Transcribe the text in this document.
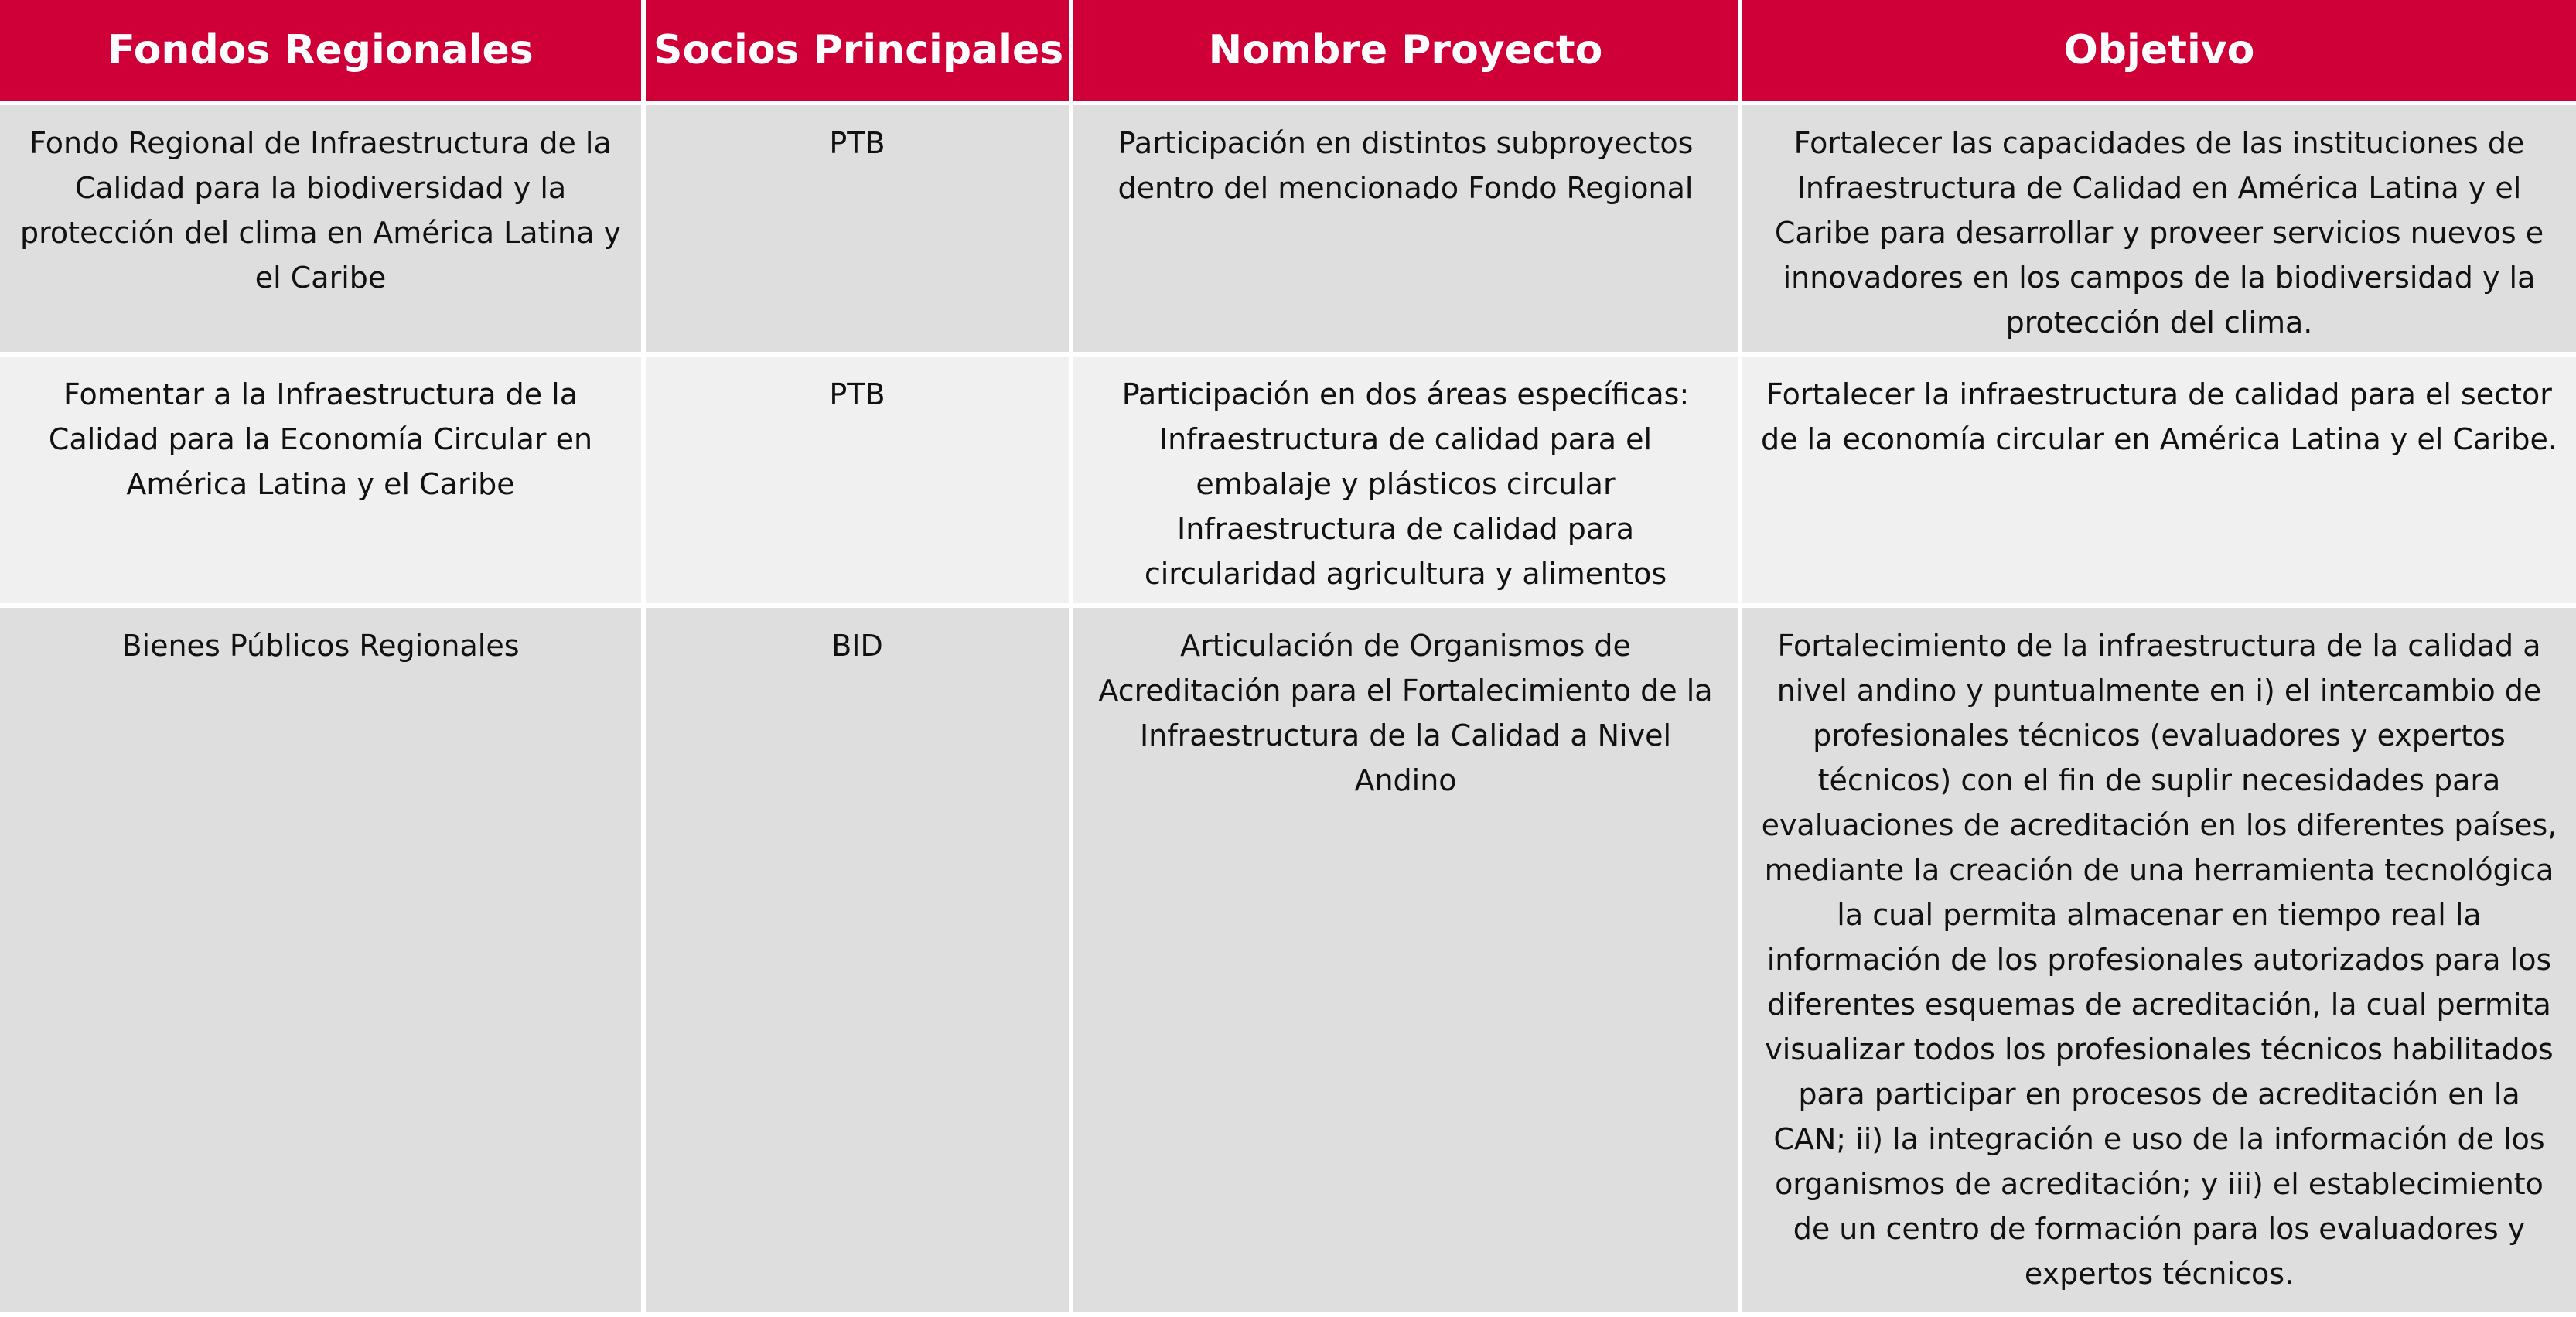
Fondos Regionales	Socios Principales	Nombre Proyecto	Objetivo
Fondo Regional de Infraestructura de la Calidad para la biodiversidad y la protección del clima en América Latina y el Caribe	PTB	Participación en distintos subproyectos dentro del mencionado Fondo Regional	Fortalecer las capacidades de las instituciones de Infraestructura de Calidad en América Latina y el Caribe para desarrollar y proveer servicios nuevos e innovadores en los campos de la biodiversidad y la protección del clima.
Fomentar a la Infraestructura de la Calidad para la Economía Circular en América Latina y el Caribe	PTB	Participación en dos áreas específicas: Infraestructura de calidad para el embalaje y plásticos circular Infraestructura de calidad para circularidad agricultura y alimentos	Fortalecer la infraestructura de calidad para el sector de la economía circular en América Latina y el Caribe.
Bienes Públicos Regionales	BID	Articulación de Organismos de Acreditación para el Fortalecimiento de la Infraestructura de la Calidad a Nivel Andino	Fortalecimiento de la infraestructura de la calidad a nivel andino y puntualmente en i) el intercambio de profesionales técnicos (evaluadores y expertos técnicos) con el fin de suplir necesidades para evaluaciones de acreditación en los diferentes países, mediante la creación de una herramienta tecnológica la cual permita almacenar en tiempo real la información de los profesionales autorizados para los diferentes esquemas de acreditación, la cual permita visualizar todos los profesionales técnicos habilitados para participar en procesos de acreditación en la CAN; ii) la integración e uso de la información de los organismos de acreditación; y iii) el establecimiento de un centro de formación para los evaluadores y expertos técnicos.
